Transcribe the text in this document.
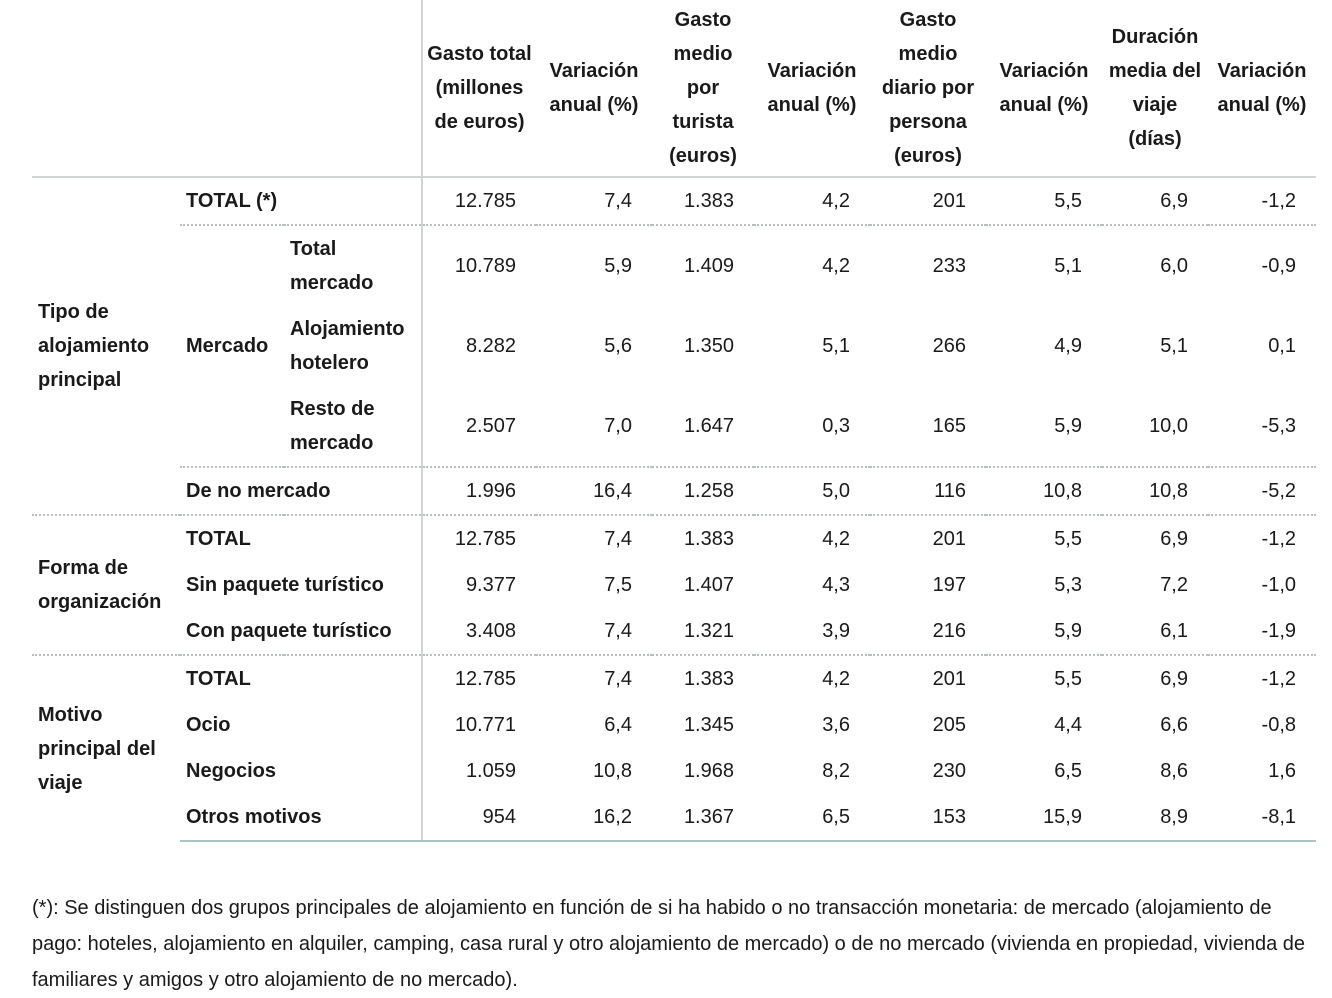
			Gasto total (millones de euros)	Variación anual (%)	Gasto medio por turista (euros)	Variación anual (%)	Gasto medio diario por persona (euros)	Variación anual (%)	Duración media del viaje (días)	Variación anual (%)
Tipo de alojamiento principal	TOTAL (*)		12.785	7,4	1.383	4,2	201	5,5	6,9	-1,2
	Mercado	Total mercado	10.789	5,9	1.409	4,2	233	5,1	6,0	-0,9
		Alojamiento hotelero	8.282	5,6	1.350	5,1	266	4,9	5,1	0,1
		Resto de mercado	2.507	7,0	1.647	0,3	165	5,9	10,0	-5,3
	De no mercado		1.996	16,4	1.258	5,0	116	10,8	10,8	-5,2
Forma de organización	TOTAL		12.785	7,4	1.383	4,2	201	5,5	6,9	-1,2
	Sin paquete turístico		9.377	7,5	1.407	4,3	197	5,3	7,2	-1,0
	Con paquete turístico		3.408	7,4	1.321	3,9	216	5,9	6,1	-1,9
Motivo principal del viaje	TOTAL		12.785	7,4	1.383	4,2	201	5,5	6,9	-1,2
	Ocio		10.771	6,4	1.345	3,6	205	4,4	6,6	-0,8
	Negocios		1.059	10,8	1.968	8,2	230	6,5	8,6	1,6
	Otros motivos		954	16,2	1.367	6,5	153	15,9	8,9	-8,1

(*): Se distinguen dos grupos principales de alojamiento en función de si ha habido o no transacción monetaria: de mercado (alojamiento de pago: hoteles, alojamiento en alquiler, camping, casa rural y otro alojamiento de mercado) o de no mercado (vivienda en propiedad, vivienda de familiares y amigos y otro alojamiento de no mercado).
